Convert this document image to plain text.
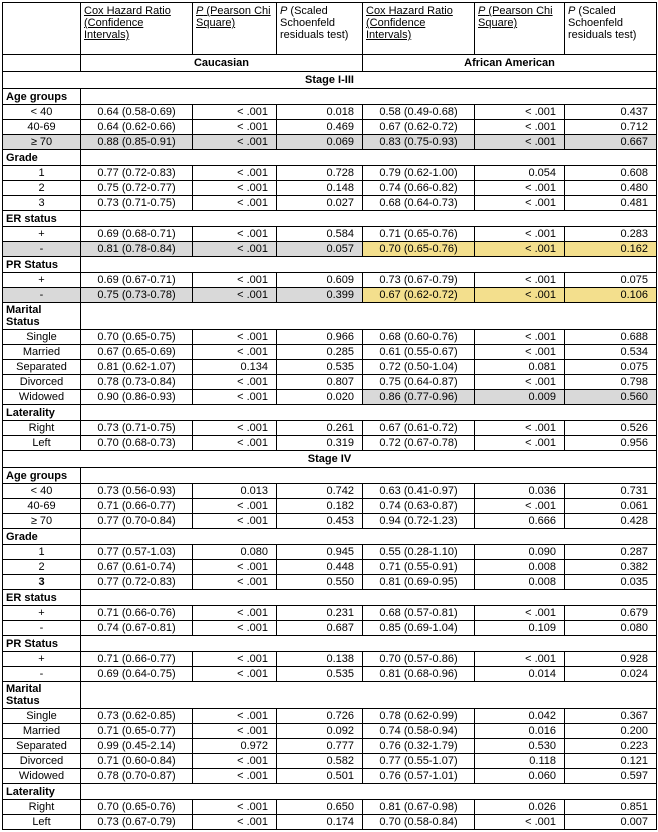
	Cox Hazard Ratio (Confidence Intervals)	P (Pearson Chi Square)	P (Scaled Schoenfeld residuals test)	Cox Hazard Ratio (Confidence Intervals)	P (Pearson Chi Square)	P (Scaled Schoenfeld residuals test)
	Caucasian			African American		
Stage I-III						
Age groups						
< 40	0.64 (0.58-0.69)	< .001	0.018	0.58 (0.49-0.68)	< .001	0.437
40-69	0.64 (0.62-0.66)	< .001	0.469	0.67 (0.62-0.72)	< .001	0.712
≥ 70	0.88 (0.85-0.91)	< .001	0.069	0.83 (0.75-0.93)	< .001	0.667
Grade						
1	0.77 (0.72-0.83)	< .001	0.728	0.79 (0.62-1.00)	0.054	0.608
2	0.75 (0.72-0.77)	< .001	0.148	0.74 (0.66-0.82)	< .001	0.480
3	0.73 (0.71-0.75)	< .001	0.027	0.68 (0.64-0.73)	< .001	0.481
ER status						
+	0.69 (0.68-0.71)	< .001	0.584	0.71 (0.65-0.76)	< .001	0.283
-	0.81 (0.78-0.84)	< .001	0.057	0.70 (0.65-0.76)	< .001	0.162
PR Status						
+	0.69 (0.67-0.71)	< .001	0.609	0.73 (0.67-0.79)	< .001	0.075
-	0.75 (0.73-0.78)	< .001	0.399	0.67 (0.62-0.72)	< .001	0.106
Marital Status						
Single	0.70 (0.65-0.75)	< .001	0.966	0.68 (0.60-0.76)	< .001	0.688
Married	0.67 (0.65-0.69)	< .001	0.285	0.61 (0.55-0.67)	< .001	0.534
Separated	0.81 (0.62-1.07)	0.134	0.535	0.72 (0.50-1.04)	0.081	0.075
Divorced	0.78 (0.73-0.84)	< .001	0.807	0.75 (0.64-0.87)	< .001	0.798
Widowed	0.90 (0.86-0.93)	< .001	0.020	0.86 (0.77-0.96)	0.009	0.560
Laterality						
Right	0.73 (0.71-0.75)	< .001	0.261	0.67 (0.61-0.72)	< .001	0.526
Left	0.70 (0.68-0.73)	< .001	0.319	0.72 (0.67-0.78)	< .001	0.956
Stage IV						
Age groups						
< 40	0.73 (0.56-0.93)	0.013	0.742	0.63 (0.41-0.97)	0.036	0.731
40-69	0.71 (0.66-0.77)	< .001	0.182	0.74 (0.63-0.87)	< .001	0.061
≥ 70	0.77 (0.70-0.84)	< .001	0.453	0.94 (0.72-1.23)	0.666	0.428
Grade						
1	0.77 (0.57-1.03)	0.080	0.945	0.55 (0.28-1.10)	0.090	0.287
2	0.67 (0.61-0.74)	< .001	0.448	0.71 (0.55-0.91)	0.008	0.382
3	0.77 (0.72-0.83)	< .001	0.550	0.81 (0.69-0.95)	0.008	0.035
ER status						
+	0.71 (0.66-0.76)	< .001	0.231	0.68 (0.57-0.81)	< .001	0.679
-	0.74 (0.67-0.81)	< .001	0.687	0.85 (0.69-1.04)	0.109	0.080
PR Status						
+	0.71 (0.66-0.77)	< .001	0.138	0.70 (0.57-0.86)	< .001	0.928
-	0.69 (0.64-0.75)	< .001	0.535	0.81 (0.68-0.96)	0.014	0.024
Marital Status						
Single	0.73 (0.62-0.85)	< .001	0.726	0.78 (0.62-0.99)	0.042	0.367
Married	0.71 (0.65-0.77)	< .001	0.092	0.74 (0.58-0.94)	0.016	0.200
Separated	0.99 (0.45-2.14)	0.972	0.777	0.76 (0.32-1.79)	0.530	0.223
Divorced	0.71 (0.60-0.84)	< .001	0.582	0.77 (0.55-1.07)	0.118	0.121
Widowed	0.78 (0.70-0.87)	< .001	0.501	0.76 (0.57-1.01)	0.060	0.597
Laterality						
Right	0.70 (0.65-0.76)	< .001	0.650	0.81 (0.67-0.98)	0.026	0.851
Left	0.73 (0.67-0.79)	< .001	0.174	0.70 (0.58-0.84)	< .001	0.007
